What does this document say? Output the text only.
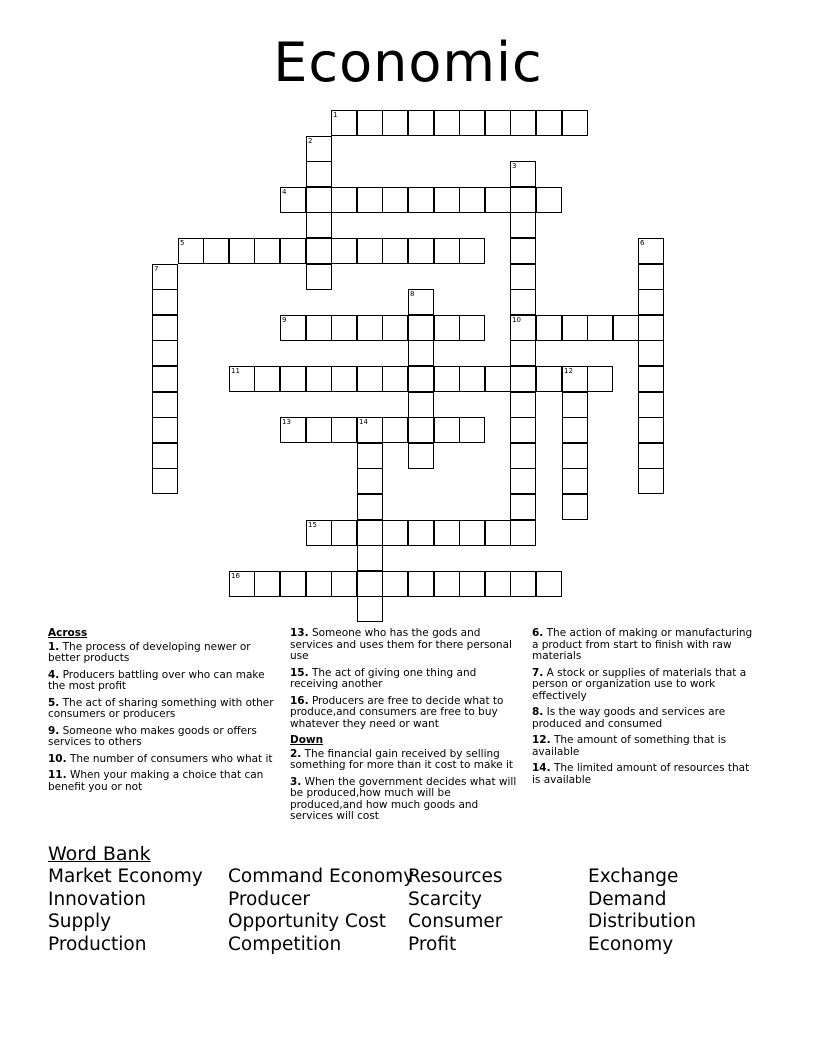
Economic
1
2
3
10
4
5	6
7
8
9
11	12
13	14
15
16
Across
1. The process of developing newer or better products
4. Producers battling over who can make the most profit
5. The act of sharing something with other consumers or producers
9. Someone who makes goods or offers services to others
10. The number of consumers who what it
11. When your making a choice that can benefit you or not
13. Someone who has the gods and services and uses them for there personal use
15. The act of giving one thing and receiving another
16. Producers are free to decide what to produce,and consumers are free to buy whatever they need or want
Down
2. The financial gain received by selling something for more than it cost to make it
3. When the government decides what will be produced,how much will be produced,and how much goods and services will cost
6. The action of making or manufacturing a product from start to finish with raw materials
7. A stock or supplies of materials that a person or organization use to work effectively
8. Is the way goods and services are produced and consumed
12. The amount of something that is available
14. The limited amount of resources that is available
Word Bank
Market Economy
Innovation
Supply
Production
Command Economy
Producer
Opportunity Cost
Competition
Resources
Scarcity
Consumer
Profit
Exchange
Demand
Distribution
Economy
